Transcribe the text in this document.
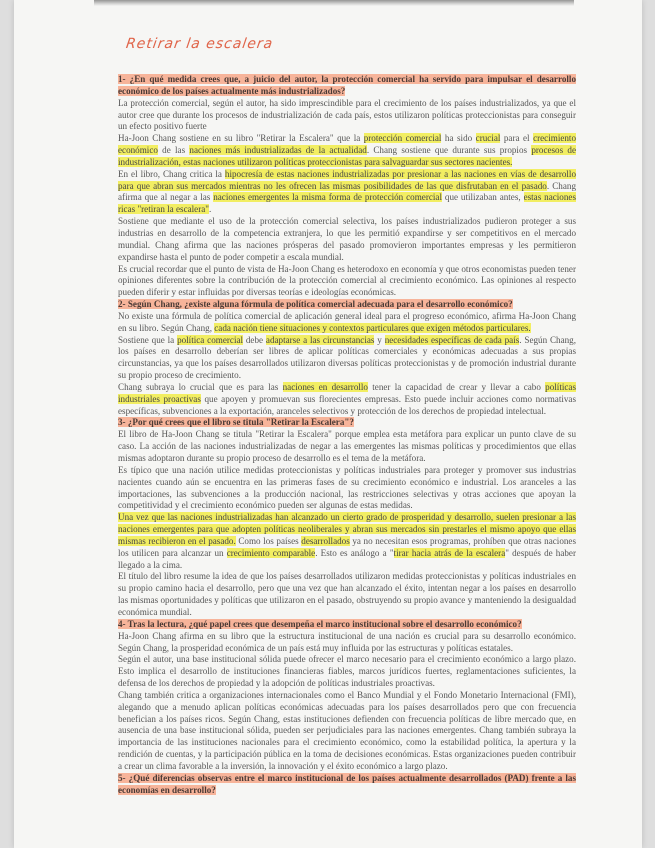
Retirar la escalera

1- ¿En qué medida crees que, a juicio del autor, la protección comercial ha servido para impulsar el desarrollo económico de los países actualmente más industrializados?

La protección comercial, según el autor, ha sido imprescindible para el crecimiento de los países industrializados, ya que el autor cree que durante los procesos de industrialización de cada país, estos utilizaron políticas proteccionistas para conseguir un efecto positivo fuerte

Ha-Joon Chang sostiene en su libro "Retirar la Escalera" que la protección comercial ha sido crucial para el crecimiento económico de las naciones más industrializadas de la actualidad. Chang sostiene que durante sus propios procesos de industrialización, estas naciones utilizaron políticas proteccionistas para salvaguardar sus sectores nacientes.

En el libro, Chang critica la hipocresía de estas naciones industrializadas por presionar a las naciones en vías de desarrollo para que abran sus mercados mientras no les ofrecen las mismas posibilidades de las que disfrutaban en el pasado. Chang afirma que al negar a las naciones emergentes la misma forma de protección comercial que utilizaban antes, estas naciones ricas "retiran la escalera".

Sostiene que mediante el uso de la protección comercial selectiva, los países industrializados pudieron proteger a sus industrias en desarrollo de la competencia extranjera, lo que les permitió expandirse y ser competitivos en el mercado mundial. Chang afirma que las naciones prósperas del pasado promovieron importantes empresas y les permitieron expandirse hasta el punto de poder competir a escala mundial.

Es crucial recordar que el punto de vista de Ha-Joon Chang es heterodoxo en economía y que otros economistas pueden tener opiniones diferentes sobre la contribución de la protección comercial al crecimiento económico. Las opiniones al respecto pueden diferir y estar influidas por diversas teorías e ideologías económicas.

2- Según Chang, ¿existe alguna fórmula de política comercial adecuada para el desarrollo económico?

No existe una fórmula de política comercial de aplicación general ideal para el progreso económico, afirma Ha-Joon Chang en su libro. Según Chang, cada nación tiene situaciones y contextos particulares que exigen métodos particulares.

Sostiene que la política comercial debe adaptarse a las circunstancias y necesidades específicas de cada país. Según Chang, los países en desarrollo deberían ser libres de aplicar políticas comerciales y económicas adecuadas a sus propias circunstancias, ya que los países desarrollados utilizaron diversas políticas proteccionistas y de promoción industrial durante su propio proceso de crecimiento.

Chang subraya lo crucial que es para las naciones en desarrollo tener la capacidad de crear y llevar a cabo políticas industriales proactivas que apoyen y promuevan sus florecientes empresas. Esto puede incluir acciones como normativas específicas, subvenciones a la exportación, aranceles selectivos y protección de los derechos de propiedad intelectual.

3- ¿Por qué crees que el libro se titula "Retirar la Escalera"?

El libro de Ha-Joon Chang se titula "Retirar la Escalera" porque emplea esta metáfora para explicar un punto clave de su caso. La acción de las naciones industrializadas de negar a las emergentes las mismas políticas y procedimientos que ellas mismas adoptaron durante su propio proceso de desarrollo es el tema de la metáfora.

Es típico que una nación utilice medidas proteccionistas y políticas industriales para proteger y promover sus industrias nacientes cuando aún se encuentra en las primeras fases de su crecimiento económico e industrial. Los aranceles a las importaciones, las subvenciones a la producción nacional, las restricciones selectivas y otras acciones que apoyan la competitividad y el crecimiento económico pueden ser algunas de estas medidas.

Una vez que las naciones industrializadas han alcanzado un cierto grado de prosperidad y desarrollo, suelen presionar a las naciones emergentes para que adopten políticas neoliberales y abran sus mercados sin prestarles el mismo apoyo que ellas mismas recibieron en el pasado. Como los países desarrollados ya no necesitan esos programas, prohíben que otras naciones los utilicen para alcanzar un crecimiento comparable. Esto es análogo a "tirar hacia atrás de la escalera" después de haber llegado a la cima.

El título del libro resume la idea de que los países desarrollados utilizaron medidas proteccionistas y políticas industriales en su propio camino hacia el desarrollo, pero que una vez que han alcanzado el éxito, intentan negar a los países en desarrollo las mismas oportunidades y políticas que utilizaron en el pasado, obstruyendo su propio avance y manteniendo la desigualdad económica mundial.

4- Tras la lectura, ¿qué papel crees que desempeña el marco institucional sobre el desarrollo económico?

Ha-Joon Chang afirma en su libro que la estructura institucional de una nación es crucial para su desarrollo económico. Según Chang, la prosperidad económica de un país está muy influida por las estructuras y políticas estatales.

Según el autor, una base institucional sólida puede ofrecer el marco necesario para el crecimiento económico a largo plazo. Esto implica el desarrollo de instituciones financieras fiables, marcos jurídicos fuertes, reglamentaciones suficientes, la defensa de los derechos de propiedad y la adopción de políticas industriales proactivas.

Chang también critica a organizaciones internacionales como el Banco Mundial y el Fondo Monetario Internacional (FMI), alegando que a menudo aplican políticas económicas adecuadas para los países desarrollados pero que con frecuencia benefician a los países ricos. Según Chang, estas instituciones defienden con frecuencia políticas de libre mercado que, en ausencia de una base institucional sólida, pueden ser perjudiciales para las naciones emergentes. Chang también subraya la importancia de las instituciones nacionales para el crecimiento económico, como la estabilidad política, la apertura y la rendición de cuentas, y la participación pública en la toma de decisiones económicas. Estas organizaciones pueden contribuir a crear un clima favorable a la inversión, la innovación y el éxito económico a largo plazo.

5- ¿Qué diferencias observas entre el marco institucional de los países actualmente desarrollados (PAD) frente a las economías en desarrollo?
